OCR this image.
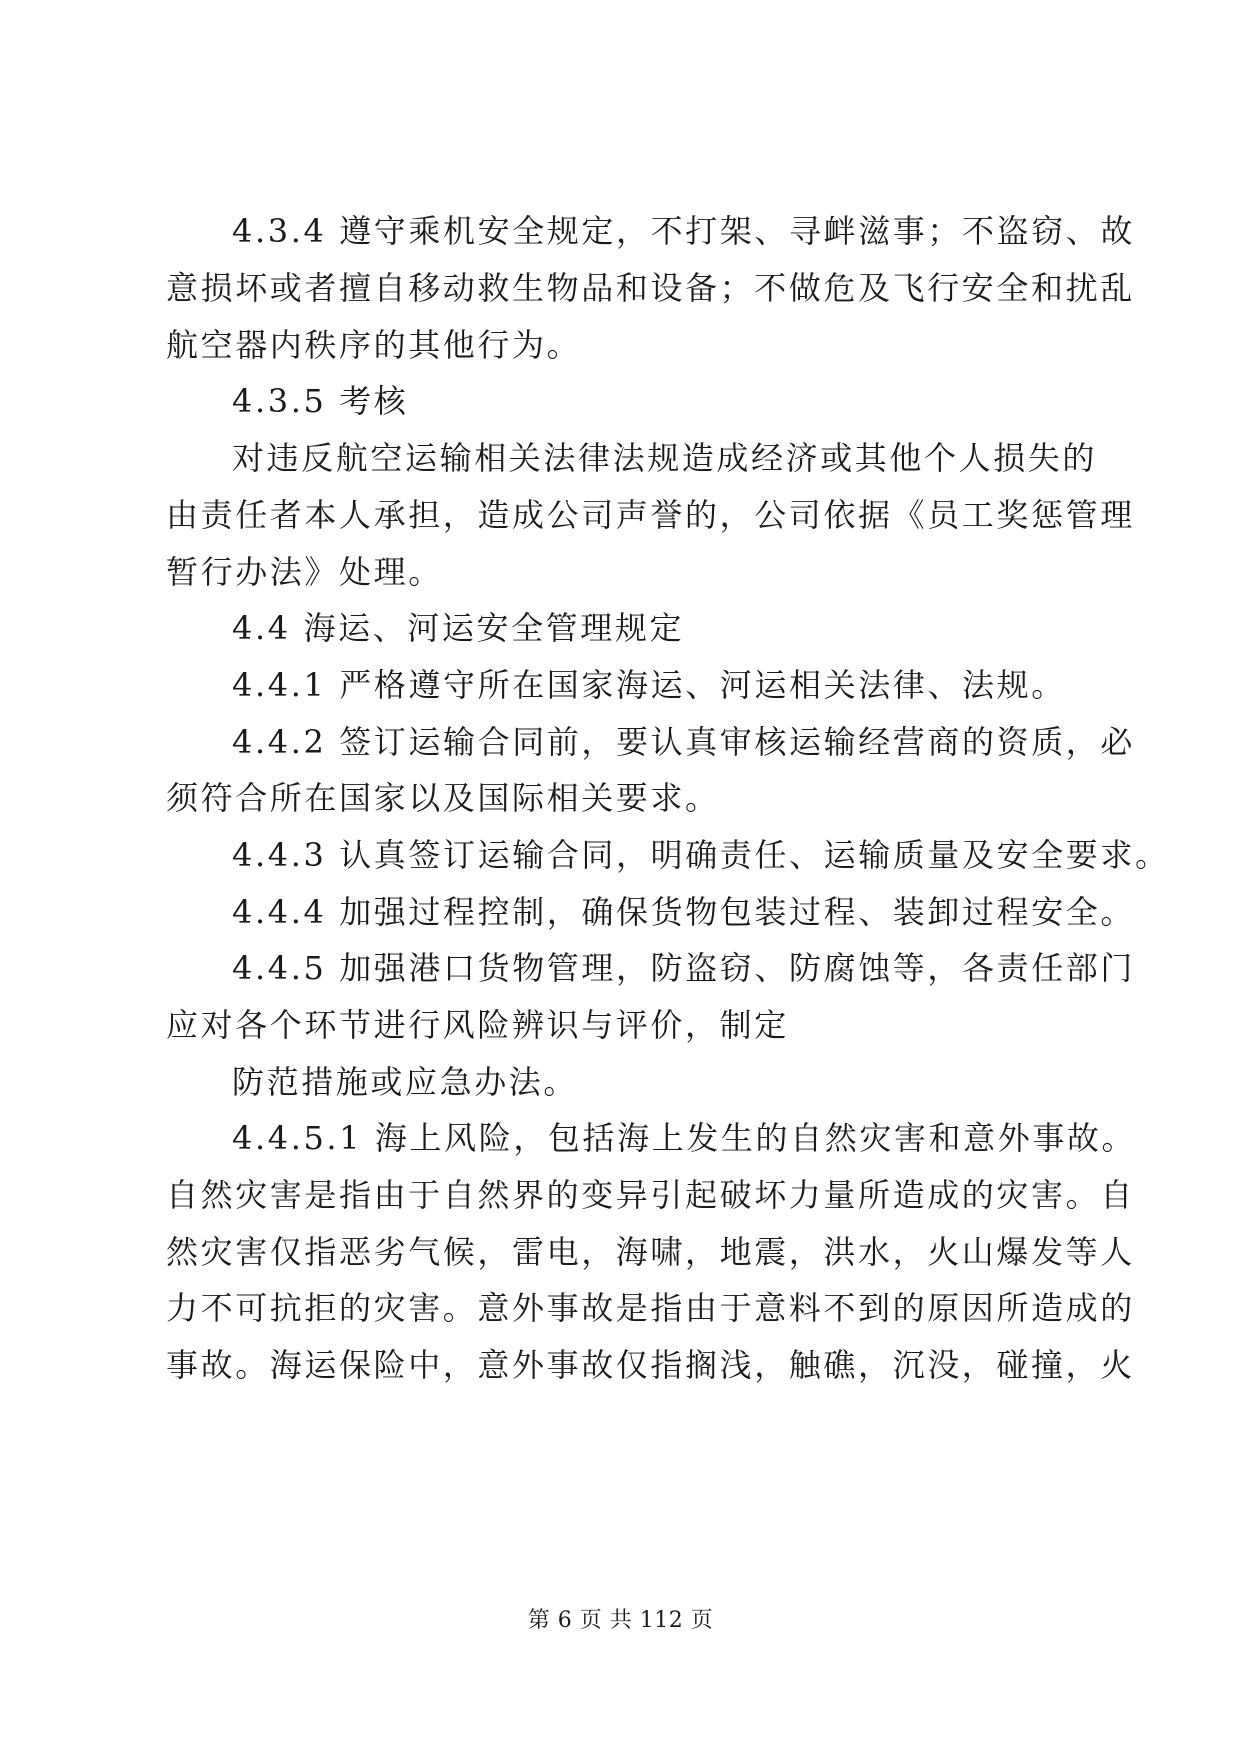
4.3.4 遵守乘机安全规定，不打架、寻衅滋事；不盗窃、故

意损坏或者擅自移动救生物品和设备；不做危及飞行安全和扰乱

航空器内秩序的其他行为。

4.3.5 考核

对违反航空运输相关法律法规造成经济或其他个人损失的

由责任者本人承担，造成公司声誉的，公司依据《员工奖惩管理

暂行办法》处理。

4.4 海运、河运安全管理规定

4.4.1 严格遵守所在国家海运、河运相关法律、法规。

4.4.2 签订运输合同前，要认真审核运输经营商的资质，必

须符合所在国家以及国际相关要求。

4.4.3 认真签订运输合同，明确责任、运输质量及安全要求。

4.4.4 加强过程控制，确保货物包装过程、装卸过程安全。

4.4.5 加强港口货物管理，防盗窃、防腐蚀等，各责任部门

应对各个环节进行风险辨识与评价，制定

防范措施或应急办法。

4.4.5.1 海上风险，包括海上发生的自然灾害和意外事故。

自然灾害是指由于自然界的变异引起破坏力量所造成的灾害。自

然灾害仅指恶劣气候，雷电，海啸，地震，洪水，火山爆发等人

力不可抗拒的灾害。意外事故是指由于意料不到的原因所造成的

事故。海运保险中，意外事故仅指搁浅，触礁，沉没，碰撞，火

第 6 页 共 112 页
